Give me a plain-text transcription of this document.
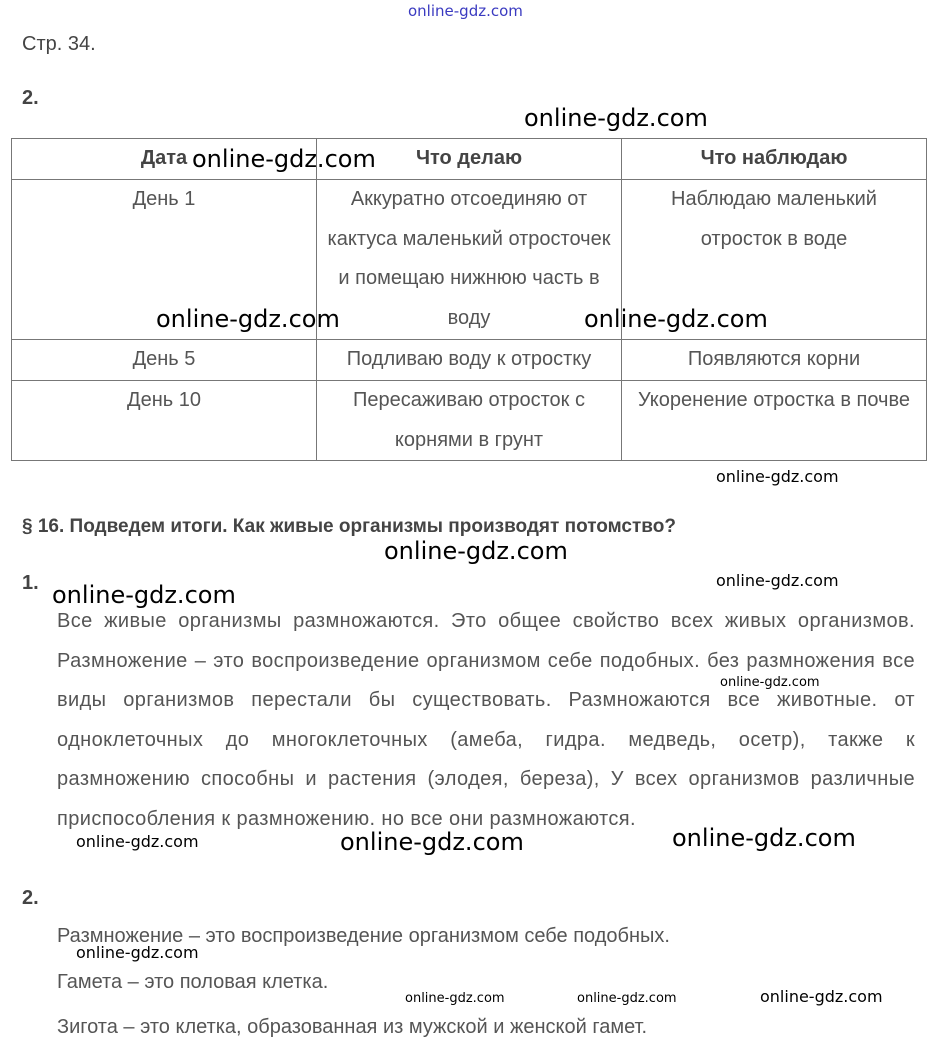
Стр. 34.
2.
Дата	Что делаю	Что наблюдаю
День 1	Аккуратно отсоединяю от кактуса маленький отросточек и помещаю нижнюю часть в воду	Наблюдаю маленький отросток в воде
День 5	Подливаю воду к отростку	Появляются корни
День 10	Пересаживаю отросток с корнями в грунт	Укоренение отростка в почве
§ 16. Подведем итоги. Как живые организмы производят потомство?
1.
Все живые организмы размножаются. Это общее свойство всех живых организмов. Размножение – это воспроизведение организмом себе подобных. без размножения все виды организмов перестали бы существовать. Размножаются все животные. от одноклеточных до многоклеточных (амеба, гидра. медведь, осетр), также к размножению способны и растения (элодея, береза), У всех организмов различные приспособления к размножению. но все они размножаются.
2.
Размножение – это воспроизведение организмом себе подобных.
Гамета – это половая клетка.
Зигота – это клетка, образованная из мужской и женской гамет.
online-gdz.com
online-gdz.com
online-gdz.com
online-gdz.com	online-gdz.com
online-gdz.com
online-gdz.com
online-gdz.com
online-gdz.com
online-gdz.com
online-gdz.com	online-gdz.com	online-gdz.com
online-gdz.com
online-gdz.com	online-gdz.com	online-gdz.com
